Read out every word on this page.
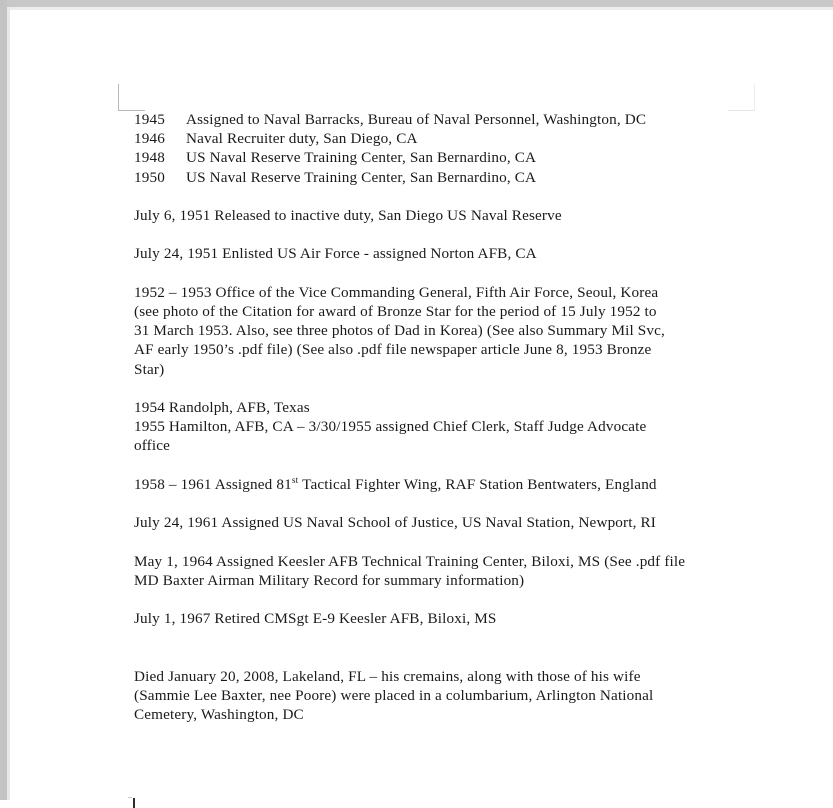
1945 Assigned to Naval Barracks, Bureau of Naval Personnel, Washington, DC

1946 Naval Recruiter duty, San Diego, CA

1948 US Naval Reserve Training Center, San Bernardino, CA

1950 US Naval Reserve Training Center, San Bernardino, CA

July 6, 1951 Released to inactive duty, San Diego US Naval Reserve

July 24, 1951 Enlisted US Air Force - assigned Norton AFB, CA

1952 – 1953 Office of the Vice Commanding General, Fifth Air Force, Seoul, Korea

(see photo of the Citation for award of Bronze Star for the period of 15 July 1952 to

31 March 1953. Also, see three photos of Dad in Korea) (See also Summary Mil Svc,

AF early 1950’s .pdf file) (See also .pdf file newspaper article June 8, 1953 Bronze

Star)

1954 Randolph, AFB, Texas

1955 Hamilton, AFB, CA – 3/30/1955 assigned Chief Clerk, Staff Judge Advocate

office

1958 – 1961 Assigned 81st Tactical Fighter Wing, RAF Station Bentwaters, England

July 24, 1961 Assigned US Naval School of Justice, US Naval Station, Newport, RI

May 1, 1964 Assigned Keesler AFB Technical Training Center, Biloxi, MS (See .pdf file

MD Baxter Airman Military Record for summary information)

July 1, 1967 Retired CMSgt E-9 Keesler AFB, Biloxi, MS

Died January 20, 2008, Lakeland, FL – his cremains, along with those of his wife

(Sammie Lee Baxter, nee Poore) were placed in a columbarium, Arlington National

Cemetery, Washington, DC
